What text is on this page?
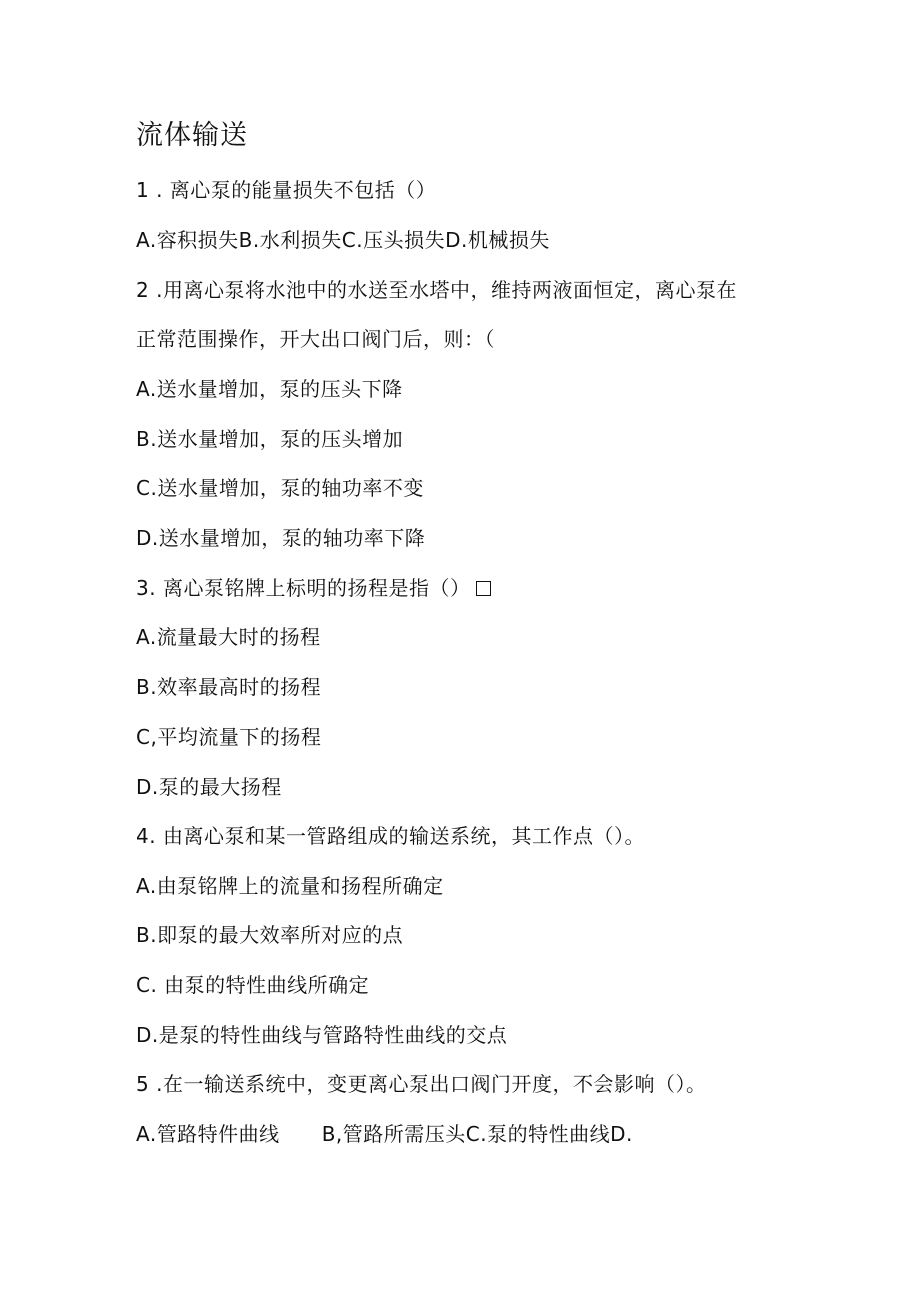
流体输送
1 . 离心泵的能量损失不包括（）
A.容积损失B.水利损失C.压头损失D.机械损失
2 .用离心泵将水池中的水送至水塔中，维持两液面恒定，离心泵在
正常范围操作，开大出口阀门后，则：（
A.送水量增加，泵的压头下降
B.送水量增加，泵的压头增加
C.送水量增加，泵的轴功率不变
D.送水量增加，泵的轴功率下降
3. 离心泵铭牌上标明的扬程是指（）
A.流量最大时的扬程
B.效率最高时的扬程
C,平均流量下的扬程
D.泵的最大扬程
4. 由离心泵和某一管路组成的输送系统，其工作点（）。
A.由泵铭牌上的流量和扬程所确定
B.即泵的最大效率所对应的点
C. 由泵的特性曲线所确定
D.是泵的特性曲线与管路特性曲线的交点
5 .在一输送系统中，变更离心泵出口阀门开度，不会影响（）。
A.管路特件曲线 B,管路所需压头C.泵的特性曲线D.
